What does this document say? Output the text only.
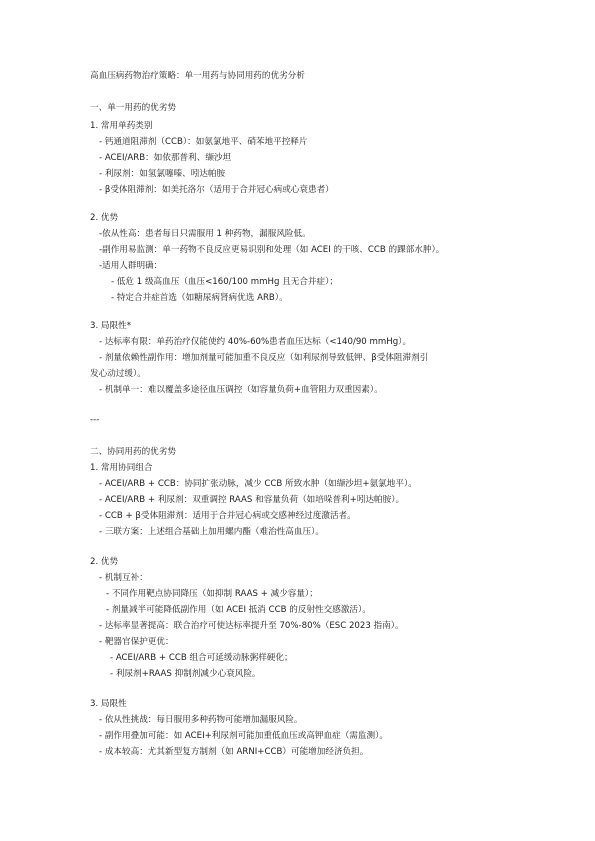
高血压病药物治疗策略：单一用药与协同用药的优劣分析
一、单一用药的优劣势
1. 常用单药类别
- 钙通道阻滞剂（CCB）：如氨氯地平、硝苯地平控释片
- ACEI/ARB：如依那普利、缬沙坦
- 利尿剂：如氢氯噻嗪、吲达帕胺
- β受体阻滞剂：如美托洛尔（适用于合并冠心病或心衰患者）
2. 优势
-依从性高：患者每日只需服用 1 种药物，漏服风险低。
-副作用易监测：单一药物不良反应更易识别和处理（如 ACEI 的干咳、CCB 的踝部水肿）。
-适用人群明确：
- 低危 1 级高血压（血压<160/100 mmHg 且无合并症）；
- 特定合并症首选（如糖尿病肾病优选 ARB）。
3. 局限性*
- 达标率有限：单药治疗仅能使约 40%-60%患者血压达标（<140/90 mmHg）。
- 剂量依赖性副作用：增加剂量可能加重不良反应（如利尿剂导致低钾、β受体阻滞剂引
发心动过缓）。
- 机制单一：难以覆盖多途径血压调控（如容量负荷+血管阻力双重因素）。
---
二、协同用药的优劣势
1. 常用协同组合
- ACEI/ARB + CCB：协同扩张动脉，减少 CCB 所致水肿（如缬沙坦+氨氯地平）。
- ACEI/ARB + 利尿剂：双重调控 RAAS 和容量负荷（如培哚普利+吲达帕胺）。
- CCB + β受体阻滞剂：适用于合并冠心病或交感神经过度激活者。
- 三联方案：上述组合基础上加用螺内酯（难治性高血压）。
2. 优势
- 机制互补：
- 不同作用靶点协同降压（如抑制 RAAS + 减少容量）；
- 剂量减半可能降低副作用（如 ACEI 抵消 CCB 的反射性交感激活）。
- 达标率显著提高：联合治疗可使达标率提升至 70%-80%（ESC 2023 指南）。
- 靶器官保护更优：
- ACEI/ARB + CCB 组合可延缓动脉粥样硬化；
- 利尿剂+RAAS 抑制剂减少心衰风险。
3. 局限性
- 依从性挑战：每日服用多种药物可能增加漏服风险。
- 副作用叠加可能：如 ACEI+利尿剂可能加重低血压或高钾血症（需监测）。
- 成本较高：尤其新型复方制剂（如 ARNI+CCB）可能增加经济负担。
